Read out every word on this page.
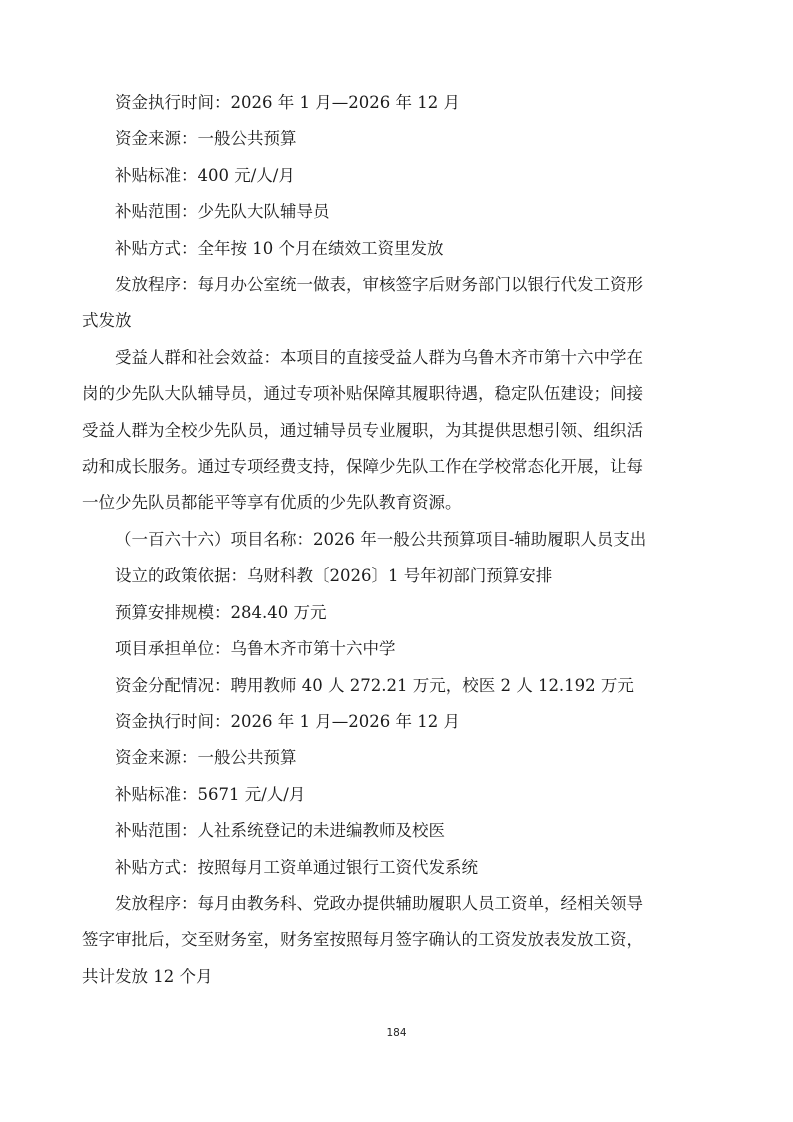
资金执行时间：2026 年 1 月—2026 年 12 月

资金来源：一般公共预算

补贴标准：400 元/人/月

补贴范围：少先队大队辅导员

补贴方式：全年按 10 个月在绩效工资里发放

发放程序：每月办公室统一做表，审核签字后财务部门以银行代发工资形

式发放

受益人群和社会效益：本项目的直接受益人群为乌鲁木齐市第十六中学在

岗的少先队大队辅导员，通过专项补贴保障其履职待遇，稳定队伍建设；间接

受益人群为全校少先队员，通过辅导员专业履职，为其提供思想引领、组织活

动和成长服务。通过专项经费支持，保障少先队工作在学校常态化开展，让每

一位少先队员都能平等享有优质的少先队教育资源。

（一百六十六）项目名称：2026 年一般公共预算项目-辅助履职人员支出

设立的政策依据：乌财科教〔2026〕1 号年初部门预算安排

预算安排规模：284.40 万元

项目承担单位：乌鲁木齐市第十六中学

资金分配情况：聘用教师 40 人 272.21 万元，校医 2 人 12.192 万元

资金执行时间：2026 年 1 月—2026 年 12 月

资金来源：一般公共预算

补贴标准：5671 元/人/月

补贴范围：人社系统登记的未进编教师及校医

补贴方式：按照每月工资单通过银行工资代发系统

发放程序：每月由教务科、党政办提供辅助履职人员工资单，经相关领导

签字审批后，交至财务室，财务室按照每月签字确认的工资发放表发放工资，

共计发放 12 个月

184
